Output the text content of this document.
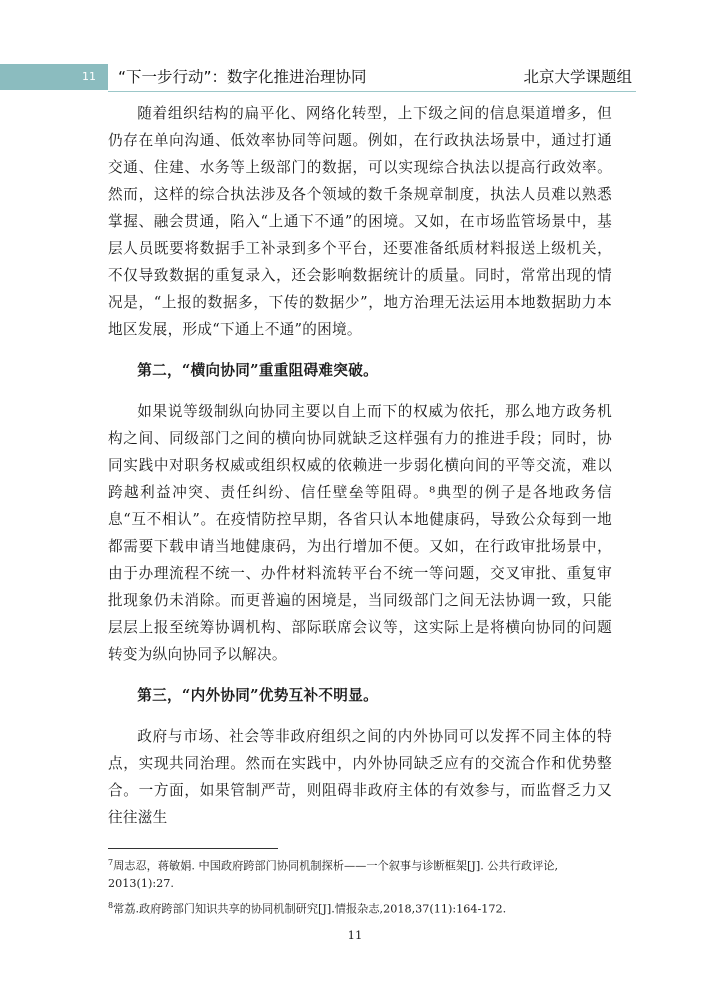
11	“下一步行动”：数字化推进治理协同	北京大学课题组

随着组织结构的扁平化、网络化转型，上下级之间的信息渠道增多，但仍存在单向沟通、低效率协同等问题。例如，在行政执法场景中，通过打通交通、住建、水务等上级部门的数据，可以实现综合执法以提高行政效率。然而，这样的综合执法涉及各个领域的数千条规章制度，执法人员难以熟悉掌握、融会贯通，陷入“上通下不通”的困境。又如，在市场监管场景中，基层人员既要将数据手工补录到多个平台，还要准备纸质材料报送上级机关，不仅导致数据的重复录入，还会影响数据统计的质量。同时，常常出现的情况是，“上报的数据多，下传的数据少”，地方治理无法运用本地数据助力本地区发展，形成“下通上不通”的困境。

第二，“横向协同”重重阻碍难突破。

如果说等级制纵向协同主要以自上而下的权威为依托，那么地方政务机构之间、同级部门之间的横向协同就缺乏这样强有力的推进手段；同时，协同实践中对职务权威或组织权威的依赖进一步弱化横向间的平等交流，难以跨越利益冲突、责任纠纷、信任壁垒等阻碍。⁸典型的例子是各地政务信息“互不相认”。在疫情防控早期，各省只认本地健康码，导致公众每到一地都需要下载申请当地健康码，为出行增加不便。又如，在行政审批场景中，由于办理流程不统一、办件材料流转平台不统一等问题，交叉审批、重复审批现象仍未消除。而更普遍的困境是，当同级部门之间无法协调一致，只能层层上报至统筹协调机构、部际联席会议等，这实际上是将横向协同的问题转变为纵向协同予以解决。

第三，“内外协同”优势互补不明显。

政府与市场、社会等非政府组织之间的内外协同可以发挥不同主体的特点，实现共同治理。然而在实践中，内外协同缺乏应有的交流合作和优势整合。一方面，如果管制严苛，则阻碍非政府主体的有效参与，而监督乏力又往往滋生

$^7$周志忍，蒋敏娟. 中国政府跨部门协同机制探析——一个叙事与诊断框架[J]. 公共行政评论, 2013(1):27.

$^8$常荔.政府跨部门知识共享的协同机制研究[J].情报杂志,2018,37(11):164-172.

11
